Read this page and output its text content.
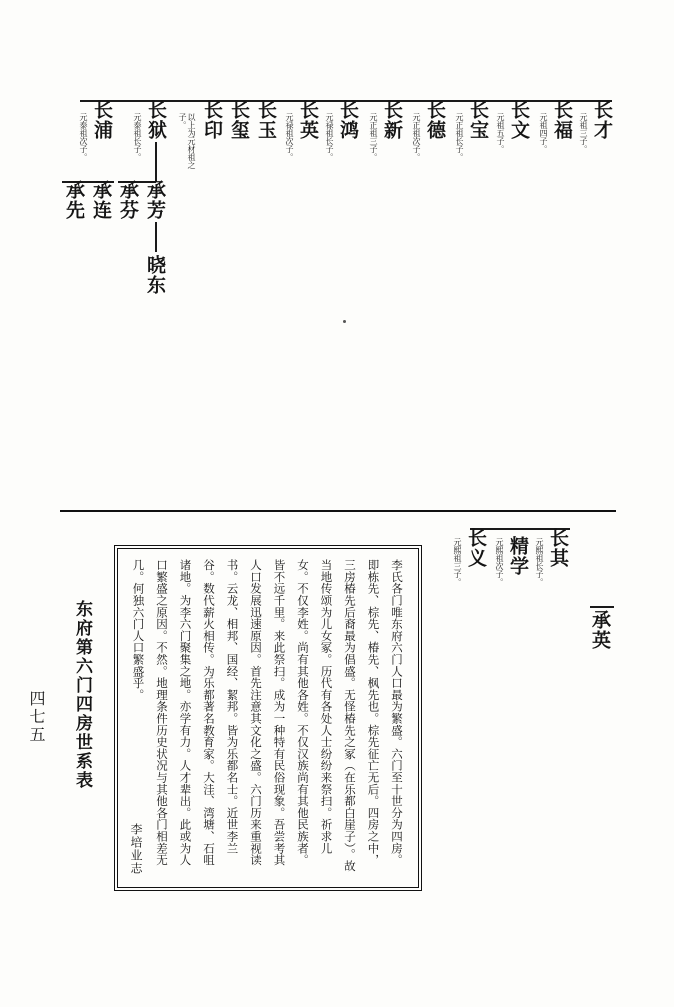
长才
元祖三子。
长福
元祖四子。
长文
元祖五子。
长宝
元正祖长子。
长德
元正祖次子。
长新
元正祖三子。
长鸿
元禄祖长子。
长英
元禄祖次子。
长玉
长玺
长印
以上为元材祖之子。
长狱
元泰祖长子。
长浦
元泰祖次子。
承芳
承芬
晓东
承连
承先
长其
元熙祖长子。
精学
元熙祖次子。
长义
元熙祖三子。
承英
李氏各门唯东府六门人口最为繁盛。六门至十世分为四房。即栋先、棕先、椿先、枫先也。棕先征亡无后。四房之中，三房椿先后裔最为倡盛。无怪椿先之冢（在乐都白崖子）。故当地传颂为儿女冢。历代有各处人士纷纷来祭扫。祈求儿女。不仅李姓。尚有其他各姓。不仅汉族尚有其他民族者。皆不远千里。来此祭扫。成为一种特有民俗现象。吾尝考其人口发展迅速原因。首先注意其文化之盛。六门历来重视读书。云龙、相邦、国经、絜邦。皆为乐都名士。近世李兰谷。数代薪火相传。为乐都著名教育家。大洼、湾塘、石咀诸地。为李六门聚集之地。亦学有力。人才辈出。此或为人口繁盛之原因。不然。地理条件历史状况与其他各门相差无几。何独六门人口繁盛乎。
李培业志
东府第六门四房世系表
四七五
